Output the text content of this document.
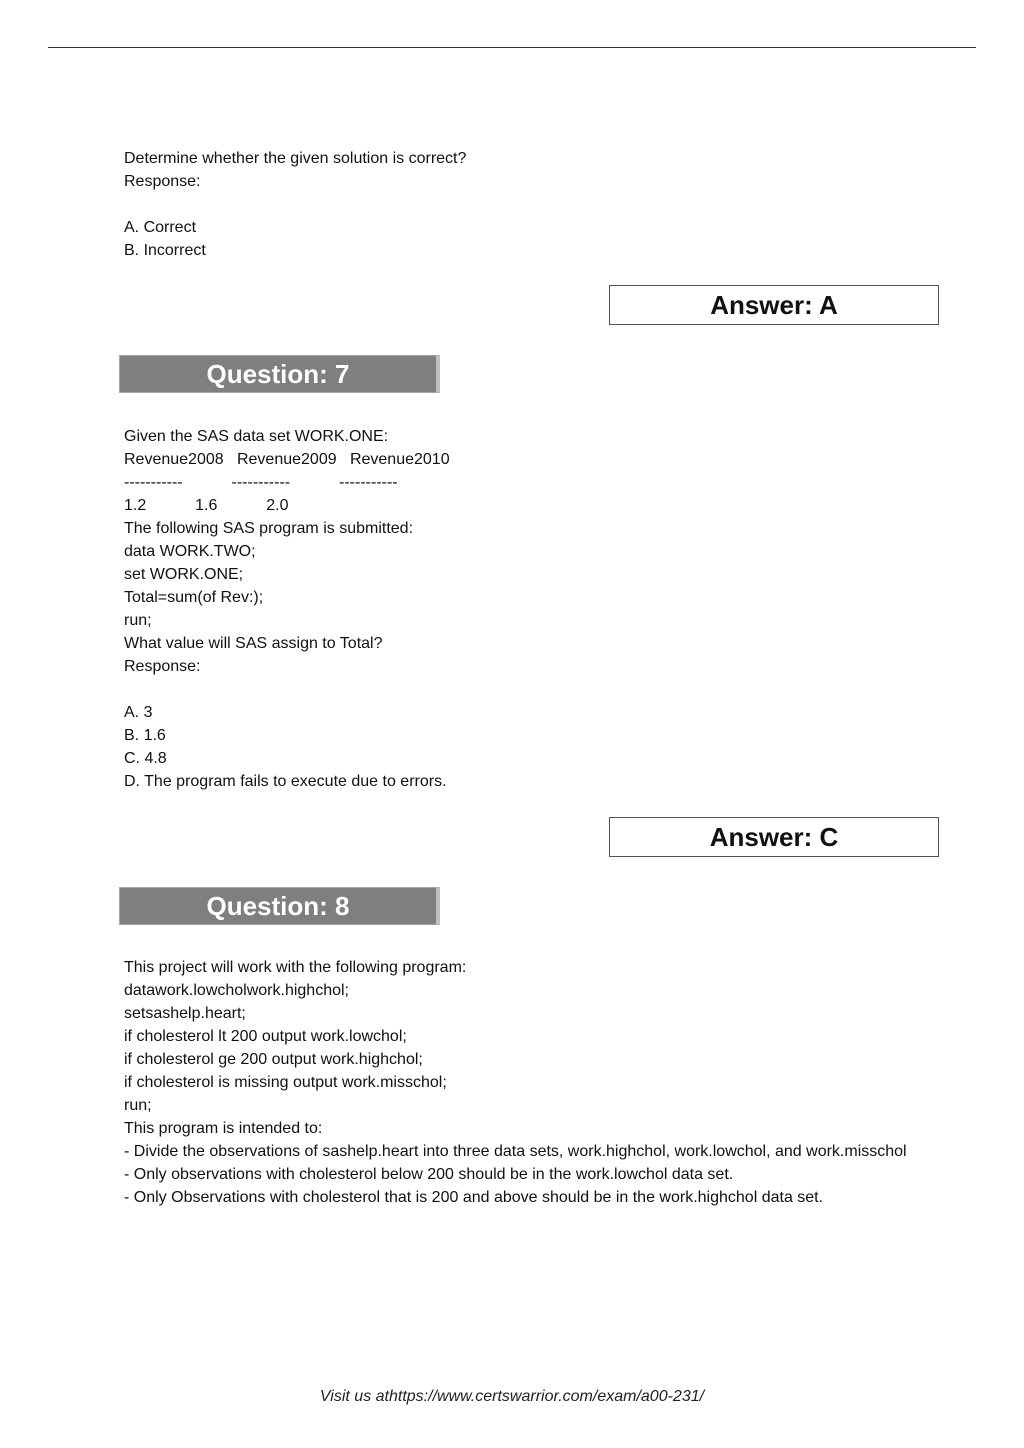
Determine whether the given solution is correct?
Response:
A. Correct
B. Incorrect
Answer: A
Question: 7
Given the SAS data set WORK.ONE:
Revenue2008   Revenue2009   Revenue2010
-----------           -----------           -----------
1.2           1.6           2.0
The following SAS program is submitted:
data WORK.TWO;
set WORK.ONE;
Total=sum(of Rev:);
run;
What value will SAS assign to Total?
Response:
A. 3
B. 1.6
C. 4.8
D. The program fails to execute due to errors.
Answer: C
Question: 8
This project will work with the following program:
datawork.lowcholwork.highchol;
setsashelp.heart;
if cholesterol lt 200 output work.lowchol;
if cholesterol ge 200 output work.highchol;
if cholesterol is missing output work.misschol;
run;
This program is intended to:
- Divide the observations of sashelp.heart into three data sets, work.highchol, work.lowchol, and work.misschol
- Only observations with cholesterol below 200 should be in the work.lowchol data set.
- Only Observations with cholesterol that is 200 and above should be in the work.highchol data set.
Visit us athttps://www.certswarrior.com/exam/a00-231/
